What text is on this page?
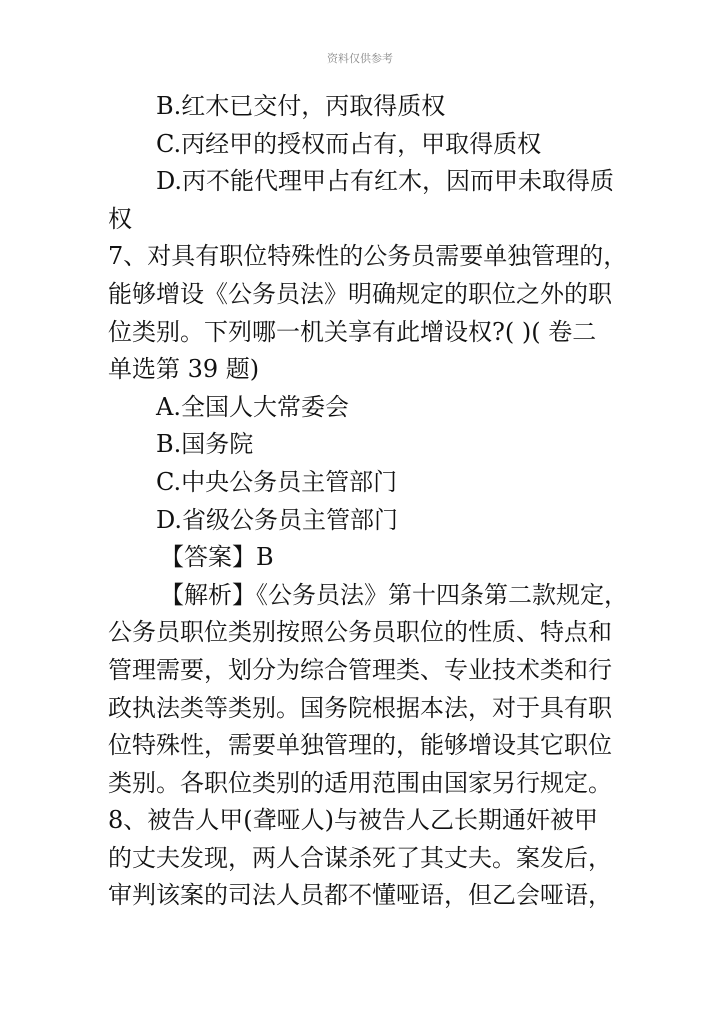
资料仅供参考
B.红木已交付，丙取得质权
C.丙经甲的授权而占有，甲取得质权
D.丙不能代理甲占有红木，因而甲未取得质
权
7、对具有职位特殊性的公务员需要单独管理的，
能够增设《公务员法》明确规定的职位之外的职
位类别。下列哪一机关享有此增设权?( )( 卷二
单选第 39 题)
A.全国人大常委会
B.国务院
C.中央公务员主管部门
D.省级公务员主管部门
【答案】B
【解析】《公务员法》第十四条第二款规定，
公务员职位类别按照公务员职位的性质、特点和
管理需要，划分为综合管理类、专业技术类和行
政执法类等类别。国务院根据本法，对于具有职
位特殊性，需要单独管理的，能够增设其它职位
类别。各职位类别的适用范围由国家另行规定。
8、被告人甲(聋哑人)与被告人乙长期通奸被甲
的丈夫发现，两人合谋杀死了其丈夫。案发后，
审判该案的司法人员都不懂哑语，但乙会哑语，
